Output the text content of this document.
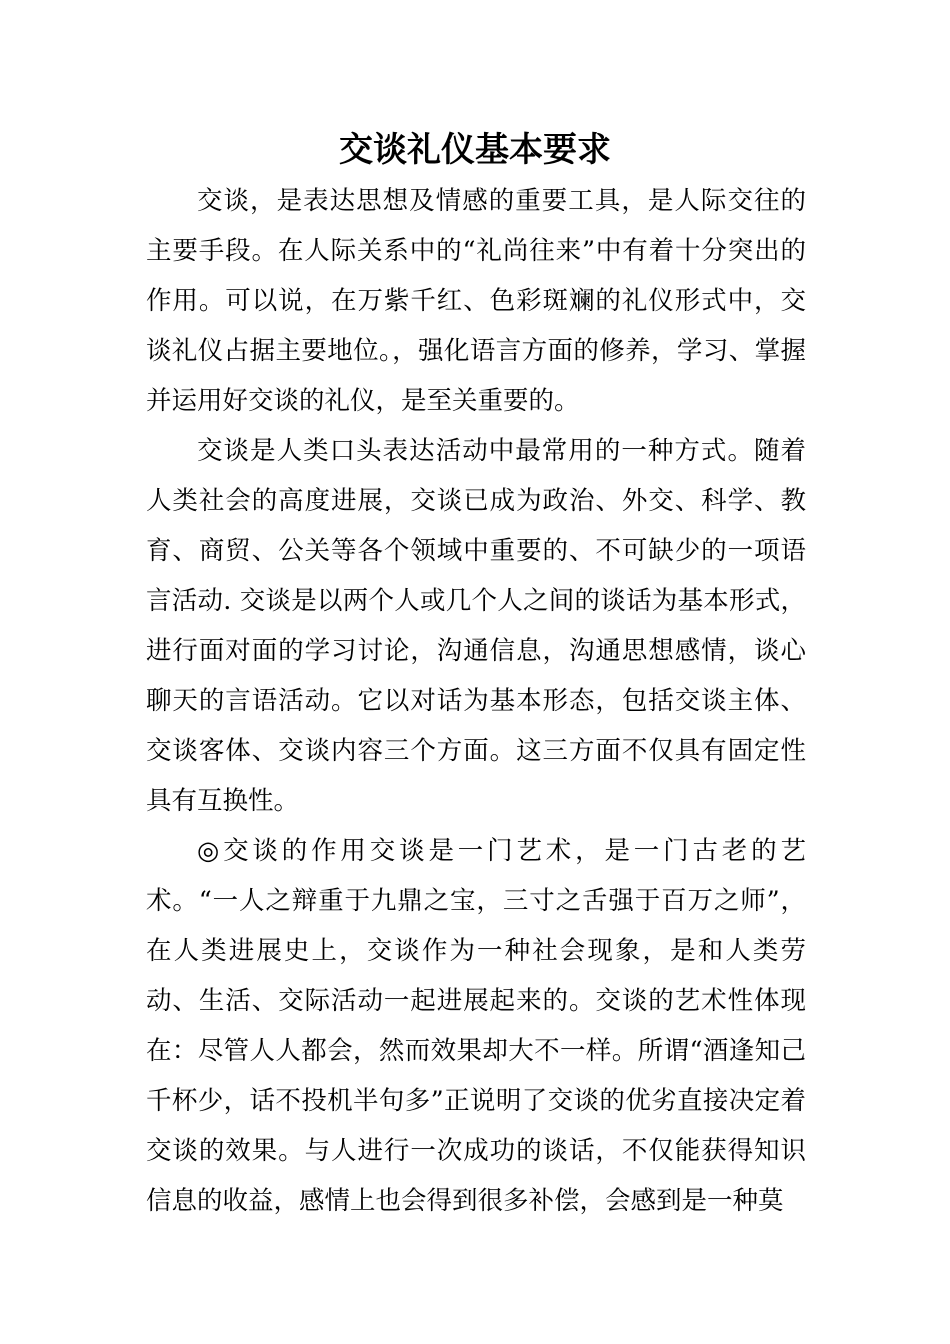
交谈礼仪基本要求

交谈，是表达思想及情感的重要工具，是人际交往的主要手段。在人际关系中的“礼尚往来”中有着十分突出的作用。可以说，在万紫千红、色彩斑斓的礼仪形式中，交谈礼仪占据主要地位。，强化语言方面的修养，学习、掌握并运用好交谈的礼仪，是至关重要的。

交谈是人类口头表达活动中最常用的一种方式。随着人类社会的高度进展，交谈已成为政治、外交、科学、教育、商贸、公关等各个领域中重要的、不可缺少的一项语言活动. 交谈是以两个人或几个人之间的谈话为基本形式，进行面对面的学习讨论，沟通信息，沟通思想感情，谈心聊天的言语活动。它以对话为基本形态，包括交谈主体、交谈客体、交谈内容三个方面。这三方面不仅具有固定性具有互换性。

◎交谈的作用交谈是一门艺术，是一门古老的艺术。“一人之辩重于九鼎之宝，三寸之舌强于百万之师”，在人类进展史上，交谈作为一种社会现象，是和人类劳动、生活、交际活动一起进展起来的。交谈的艺术性体现在：尽管人人都会，然而效果却大不一样。所谓“酒逢知己千杯少，话不投机半句多”正说明了交谈的优劣直接决定着交谈的效果。与人进行一次成功的谈话，不仅能获得知识信息的收益，感情上也会得到很多补偿，会感到是一种莫
